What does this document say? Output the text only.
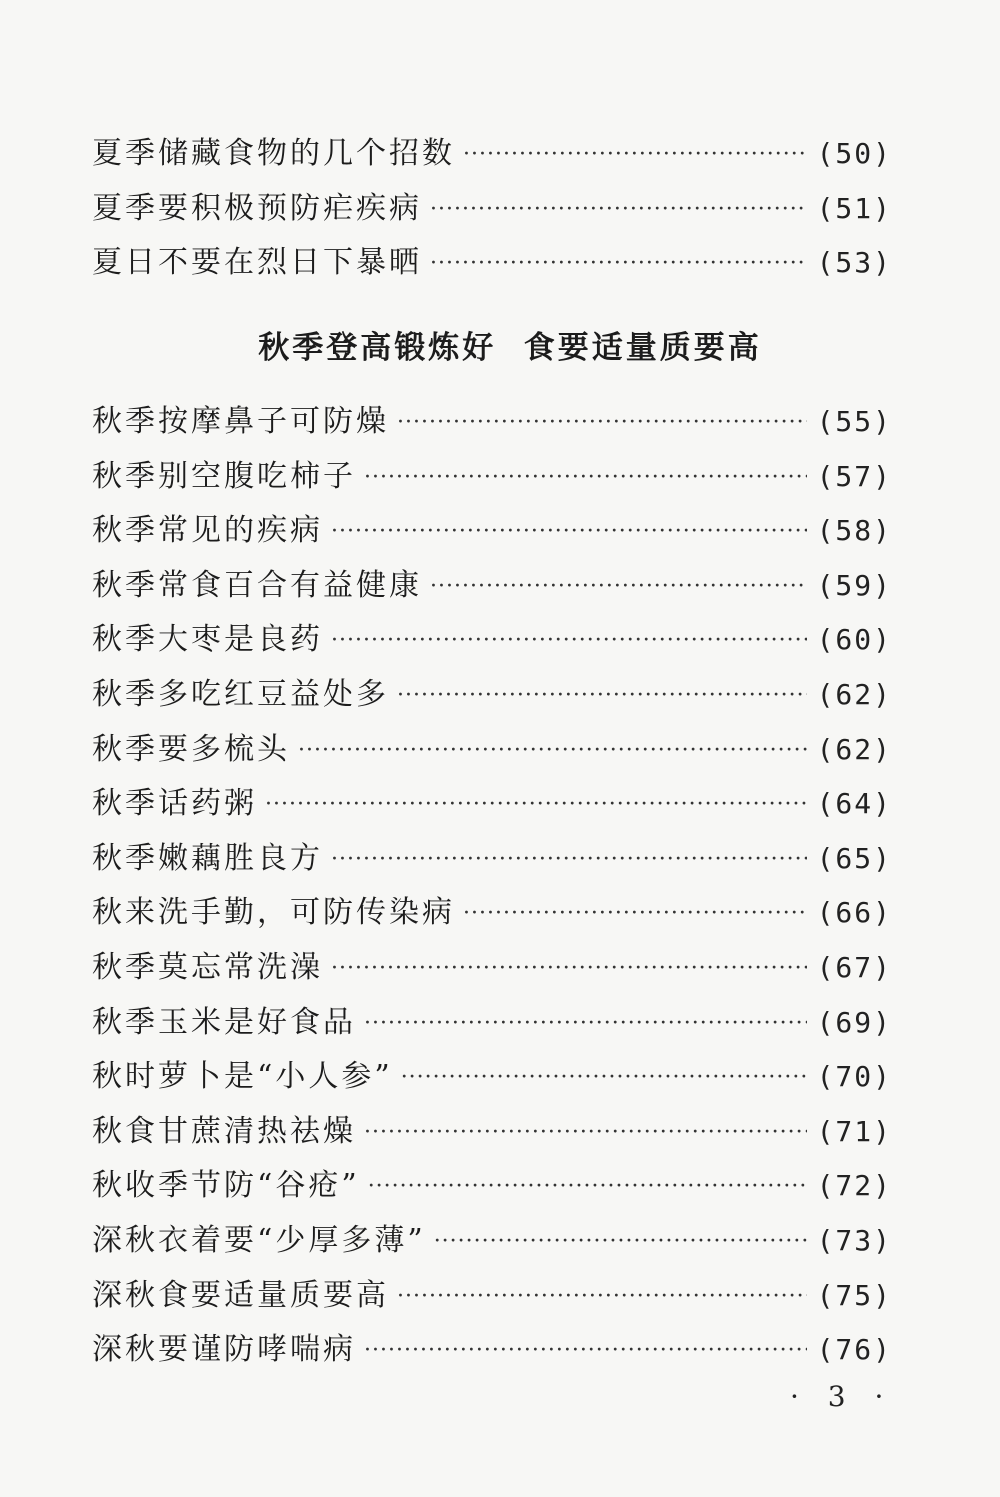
夏季储藏食物的几个招数 ·····	(50)
夏季要积极预防疟疾病 ·····	(51)
夏日不要在烈日下暴晒 ·····	(53)
秋季登高锻炼好  食要适量质要高
秋季按摩鼻子可防燥 ·····	(55)
秋季别空腹吃柿子 ·····	(57)
秋季常见的疾病 ·····	(58)
秋季常食百合有益健康 ·····	(59)
秋季大枣是良药 ·····	(60)
秋季多吃红豆益处多 ·····	(62)
秋季要多梳头 ·····	(62)
秋季话药粥 ·····	(64)
秋季嫩藕胜良方 ·····	(65)
秋来洗手勤，可防传染病 ·····	(66)
秋季莫忘常洗澡 ·····	(67)
秋季玉米是好食品 ·····	(69)
秋时萝卜是“小人参” ·····	(70)
秋食甘蔗清热祛燥 ·····	(71)
秋收季节防“谷疮” ·····	(72)
深秋衣着要“少厚多薄” ·····	(73)
深秋食要适量质要高 ·····	(75)
深秋要谨防哮喘病 ·····	(76)
· 3 ·
